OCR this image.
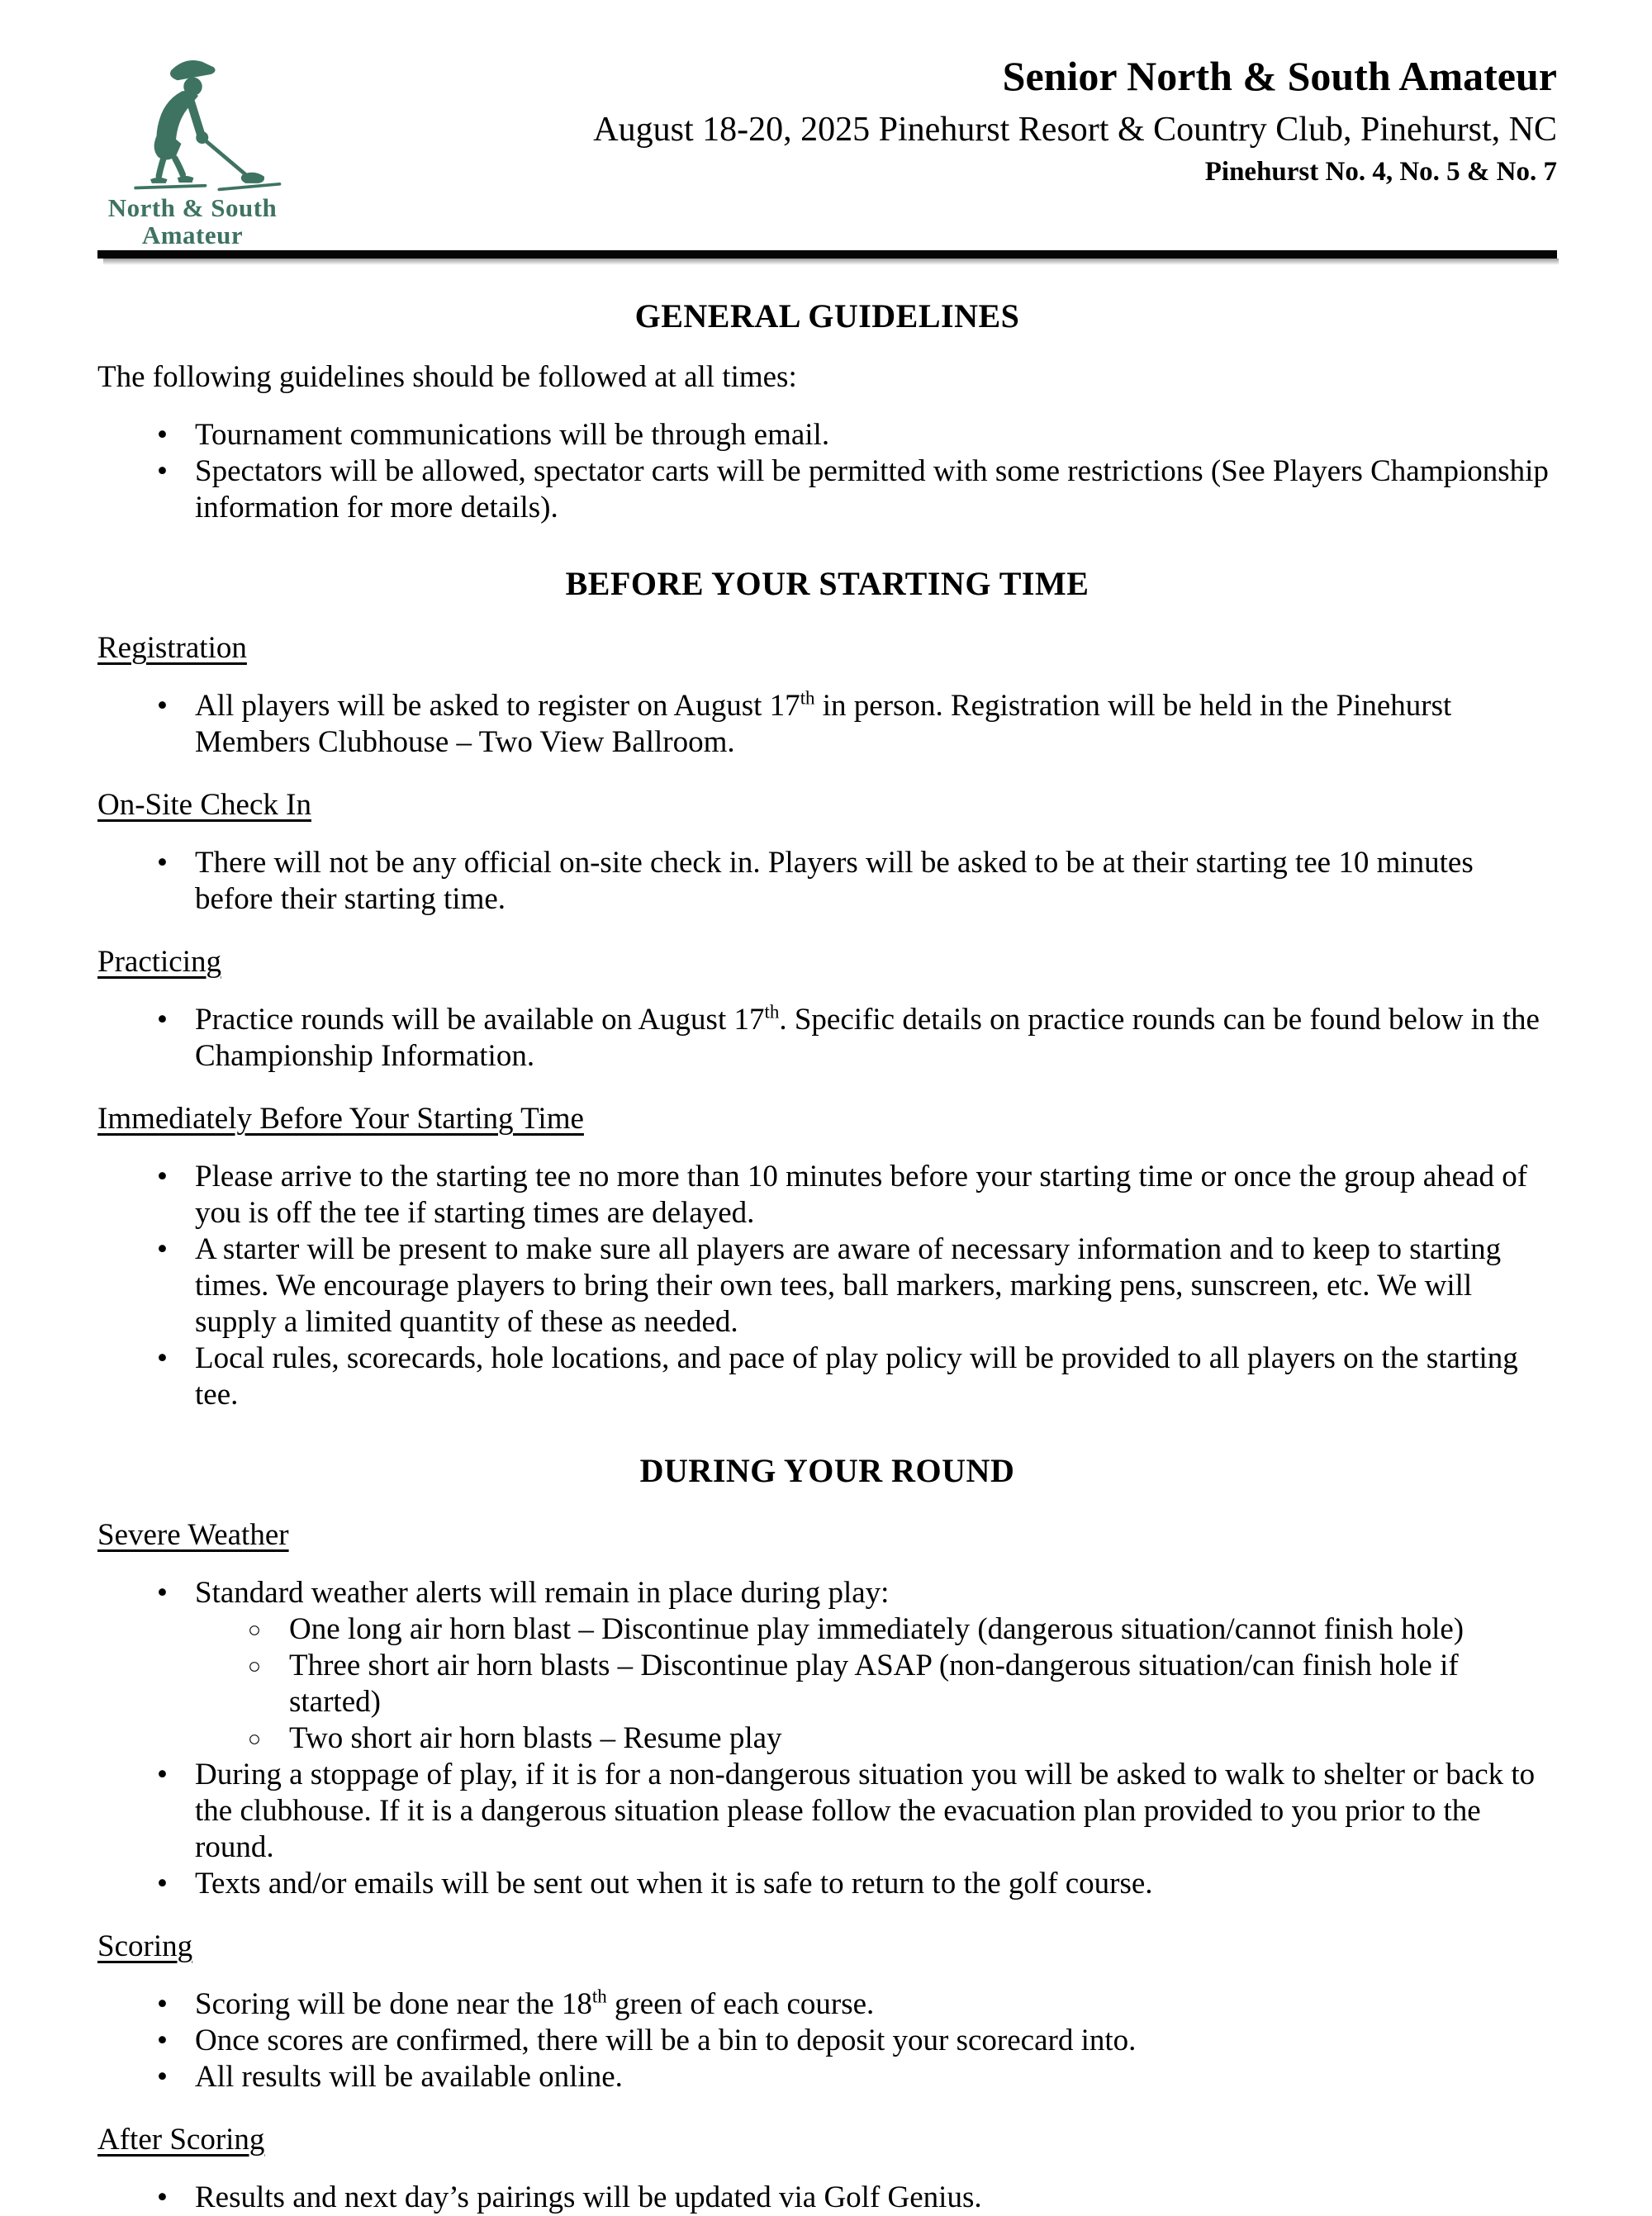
North & South
Amateur
Senior North & South Amateur
August 18-20, 2025 Pinehurst Resort & Country Club, Pinehurst, NC
Pinehurst No. 4, No. 5 & No. 7
GENERAL GUIDELINES

The following guidelines should be followed at all times:

• Tournament communications will be through email.
• Spectators will be allowed, spectator carts will be permitted with some restrictions (See Players Championship information for more details).
BEFORE YOUR STARTING TIME
Registration
• All players will be asked to register on August 17th in person. Registration will be held in the Pinehurst Members Clubhouse – Two View Ballroom.
On-Site Check In
• There will not be any official on-site check in. Players will be asked to be at their starting tee 10 minutes before their starting time.
Practicing
• Practice rounds will be available on August 17th. Specific details on practice rounds can be found below in the Championship Information.
Immediately Before Your Starting Time
• Please arrive to the starting tee no more than 10 minutes before your starting time or once the group ahead of you is off the tee if starting times are delayed.
• A starter will be present to make sure all players are aware of necessary information and to keep to starting times. We encourage players to bring their own tees, ball markers, marking pens, sunscreen, etc. We will supply a limited quantity of these as needed.
• Local rules, scorecards, hole locations, and pace of play policy will be provided to all players on the starting tee.
DURING YOUR ROUND
Severe Weather
• Standard weather alerts will remain in place during play:
○ One long air horn blast – Discontinue play immediately (dangerous situation/cannot finish hole)
○ Three short air horn blasts – Discontinue play ASAP (non-dangerous situation/can finish hole if started)
○ Two short air horn blasts – Resume play
• During a stoppage of play, if it is for a non-dangerous situation you will be asked to walk to shelter or back to the clubhouse. If it is a dangerous situation please follow the evacuation plan provided to you prior to the round.
• Texts and/or emails will be sent out when it is safe to return to the golf course.
Scoring
• Scoring will be done near the 18th green of each course.
• Once scores are confirmed, there will be a bin to deposit your scorecard into.
• All results will be available online.
After Scoring
• Results and next day’s pairings will be updated via Golf Genius.
